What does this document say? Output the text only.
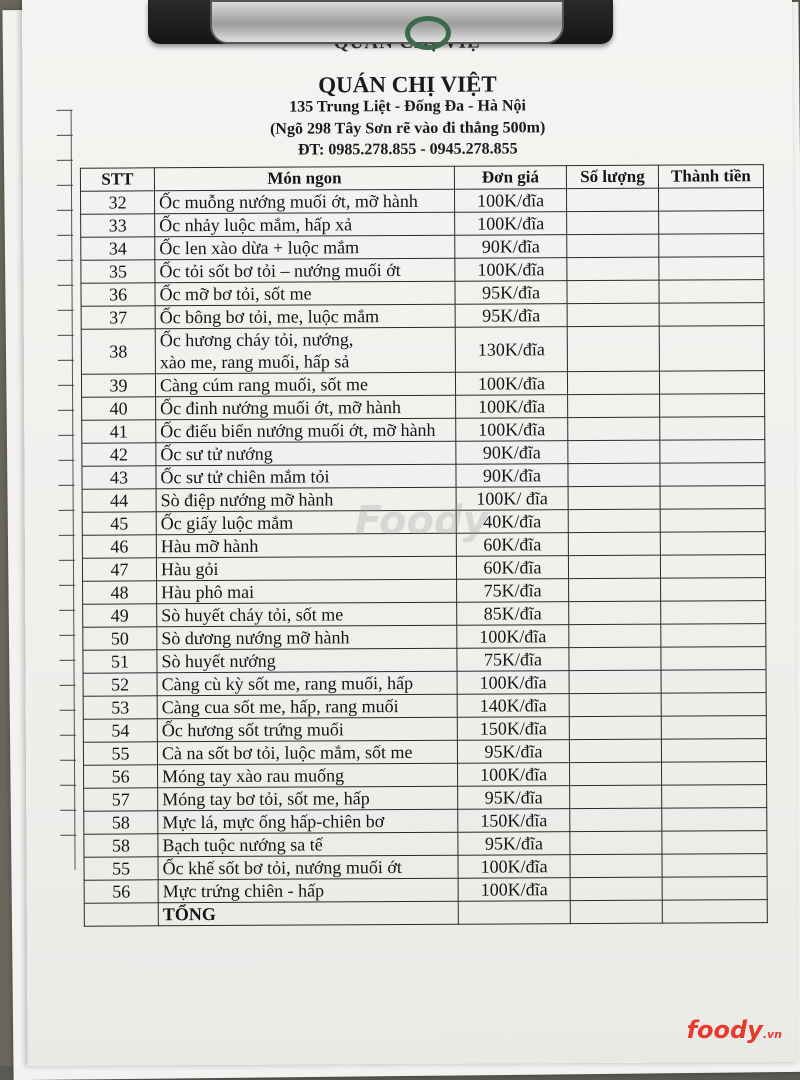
QUÁN CHỊ VIỆT
135 Trung Liệt - Đống Đa - Hà Nội
(Ngõ 298 Tây Sơn rẽ vào đi thẳng 500m)
ĐT: 0985.278.855 - 0945.278.855
STT	Món ngon	Đơn giá	Số lượng	Thành tiền
32	Ốc muỗng nướng muối ớt, mỡ hành	100K/đĩa		
33	Ốc nhảy luộc mắm, hấp xả	100K/đĩa		
34	Ốc len xào dừa + luộc mắm	90K/đĩa		
35	Ốc tỏi sốt bơ tỏi – nướng muối ớt	100K/đĩa		
36	Ốc mỡ bơ tỏi, sốt me	95K/đĩa		
37	Ốc bông bơ tỏi, me, luộc mắm	95K/đĩa		
38	Ốc hương cháy tỏi, nướng,
xào me, rang muối, hấp sả	130K/đĩa		
39	Càng cúm rang muối, sốt me	100K/đĩa		
40	Ốc đinh nướng muối ớt, mỡ hành	100K/đĩa		
41	Ốc điếu biển nướng muối ớt, mỡ hành	100K/đĩa		
42	Ốc sư tử nướng	90K/đĩa		
43	Ốc sư tử chiên mắm tỏi	90K/đĩa		
44	Sò điệp nướng mỡ hành	100K/ đĩa		
45	Ốc giấy luộc mắm	40K/đĩa		
46	Hàu mỡ hành	60K/đĩa		
47	Hàu gỏi	60K/đĩa		
48	Hàu phô mai	75K/đĩa		
49	Sò huyết cháy tỏi, sốt me	85K/đĩa		
50	Sò dương nướng mỡ hành	100K/đĩa		
51	Sò huyết nướng	75K/đĩa		
52	Càng cù kỳ sốt me, rang muối, hấp	100K/đĩa		
53	Càng cua sốt me, hấp, rang muối	140K/đĩa		
54	Ốc hương sốt trứng muối	150K/đĩa		
55	Cà na sốt bơ tỏi, luộc mắm, sốt me	95K/đĩa		
56	Móng tay xào rau muống	100K/đĩa		
57	Móng tay bơ tỏi, sốt me, hấp	95K/đĩa		
58	Mực lá, mực ống hấp-chiên bơ	150K/đĩa		
58	Bạch tuộc nướng sa tế	95K/đĩa		
55	Ốc khế sốt bơ tỏi, nướng muối ớt	100K/đĩa		
56	Mực trứng chiên - hấp	100K/đĩa		
	TỔNG			
Foody
My LiKet
foody.vn
